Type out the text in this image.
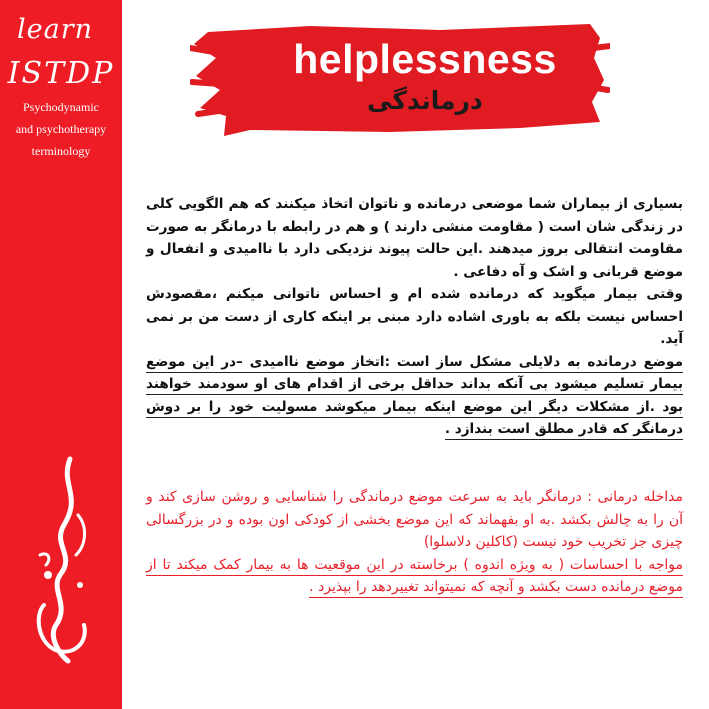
learn
ISTDP
Psychodynamic
and psychotherapy
terminology
helplessness
درماندگی

بسیاری از بیماران شما موضعی درمانده و ناتوان اتخاذ میکنند که هم الگویی کلی در زندگی شان است ( مقاومت منشی دارند ) و هم در رابطه با درمانگر به صورت مقاومت انتقالی بروز میدهند .این حالت پیوند نزدیکی دارد با ناامیدی و انفعال و موضع قربانی و اشک و آه دفاعی .

وقتی بیمار میگوید که درمانده شده ام و احساس ناتوانی میکنم ،مقصودش احساس نیست بلکه به باوری اشاده دارد مبنی بر اینکه کاری از دست من بر نمی آید.

موضع درمانده به دلایلی مشکل ساز است :اتخاز موضع ناامیدی –در این موضع بیمار تسلیم میشود بی آنکه بداند حداقل برخی از اقدام های او سودمند خواهند بود .از مشکلات دیگر این موضع اینکه بیمار میکوشد مسولیت خود را بر دوش درمانگر که قادر مطلق است بندازد .

مداخله درمانی : درمانگر باید به سرعت موضع درماندگی را شناسایی و روشن سازی کند و آن را به چالش بکشد .به او بفهماند که این موضع بخشی از کودکی اون بوده و در بزرگسالی چیزی جز تخریب خود نیست (کاکلین دلاسلوا)

مواجه با احساسات ( به ویژه اندوه ) برخاسته در این موقعیت ها به بیمار کمک میکند تا از موضع درمانده دست بکشد و آنچه که نمیتواند تغییردهد را بپذیرد .
